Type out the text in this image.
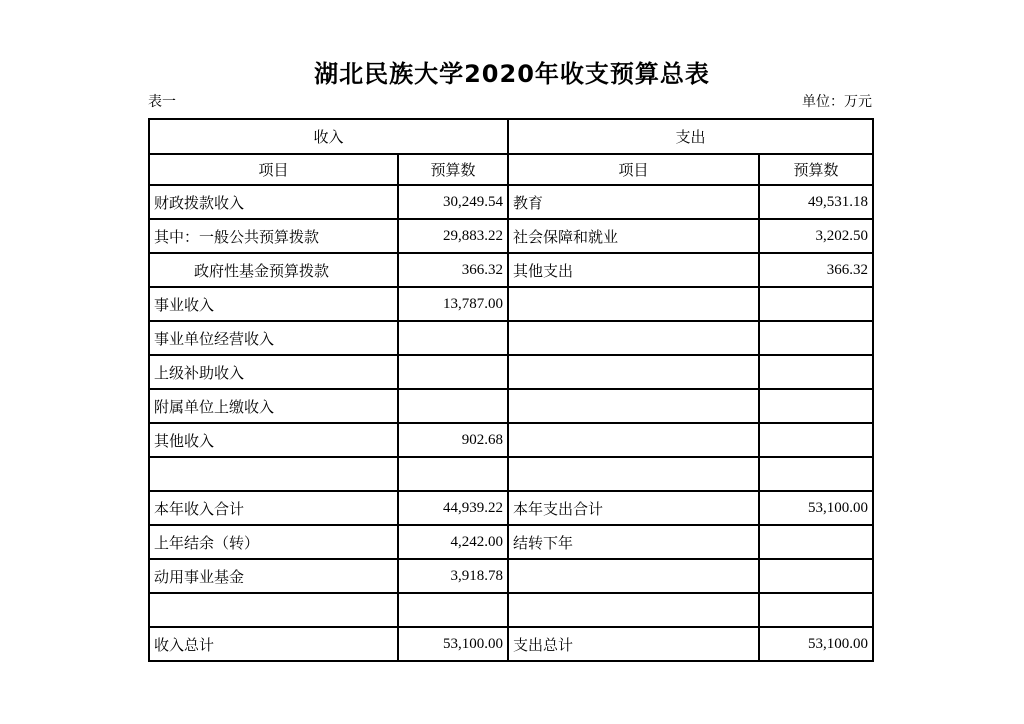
湖北民族大学2020年收支预算总表
表一	单位：万元
收入		支出	
项目	预算数	项目	预算数
财政拨款收入	30,249.54	教育	49,531.18
其中：一般公共预算拨款	29,883.22	社会保障和就业	3,202.50
政府性基金预算拨款	366.32	其他支出	366.32
事业收入	13,787.00		
事业单位经营收入			
上级补助收入			
附属单位上缴收入			
其他收入	902.68		

本年收入合计	44,939.22	本年支出合计	53,100.00
上年结余（转）	4,242.00	结转下年	
动用事业基金	3,918.78		

收入总计	53,100.00	支出总计	53,100.00
